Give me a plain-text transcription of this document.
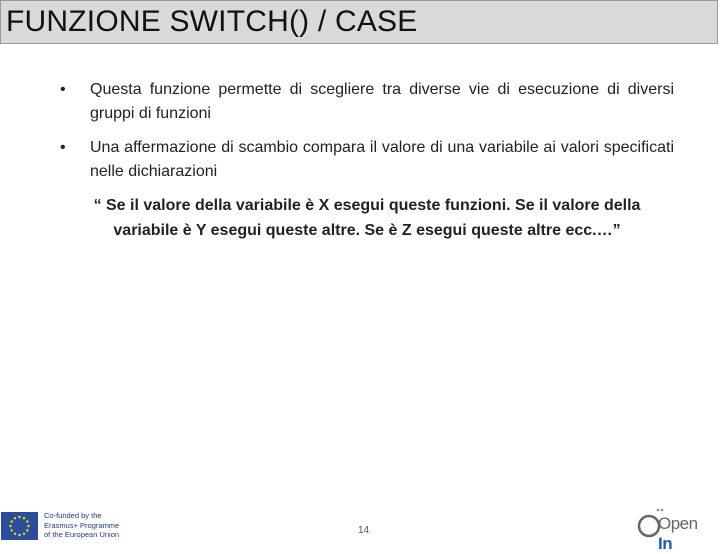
FUNZIONE SWITCH() / CASE
• Questa funzione permette di scegliere tra diverse vie di esecuzione di diversi gruppi di funzioni
• Una affermazione di scambio compara il valore di una variabile ai valori specificati nelle dichiarazioni
“ Se il valore della variabile è X esegui queste funzioni. Se il valore della variabile è Y esegui queste altre. Se è Z esegui queste altre ecc.…”
Co-funded by the
Erasmus+ Programme
of the European Union	14	Open In
